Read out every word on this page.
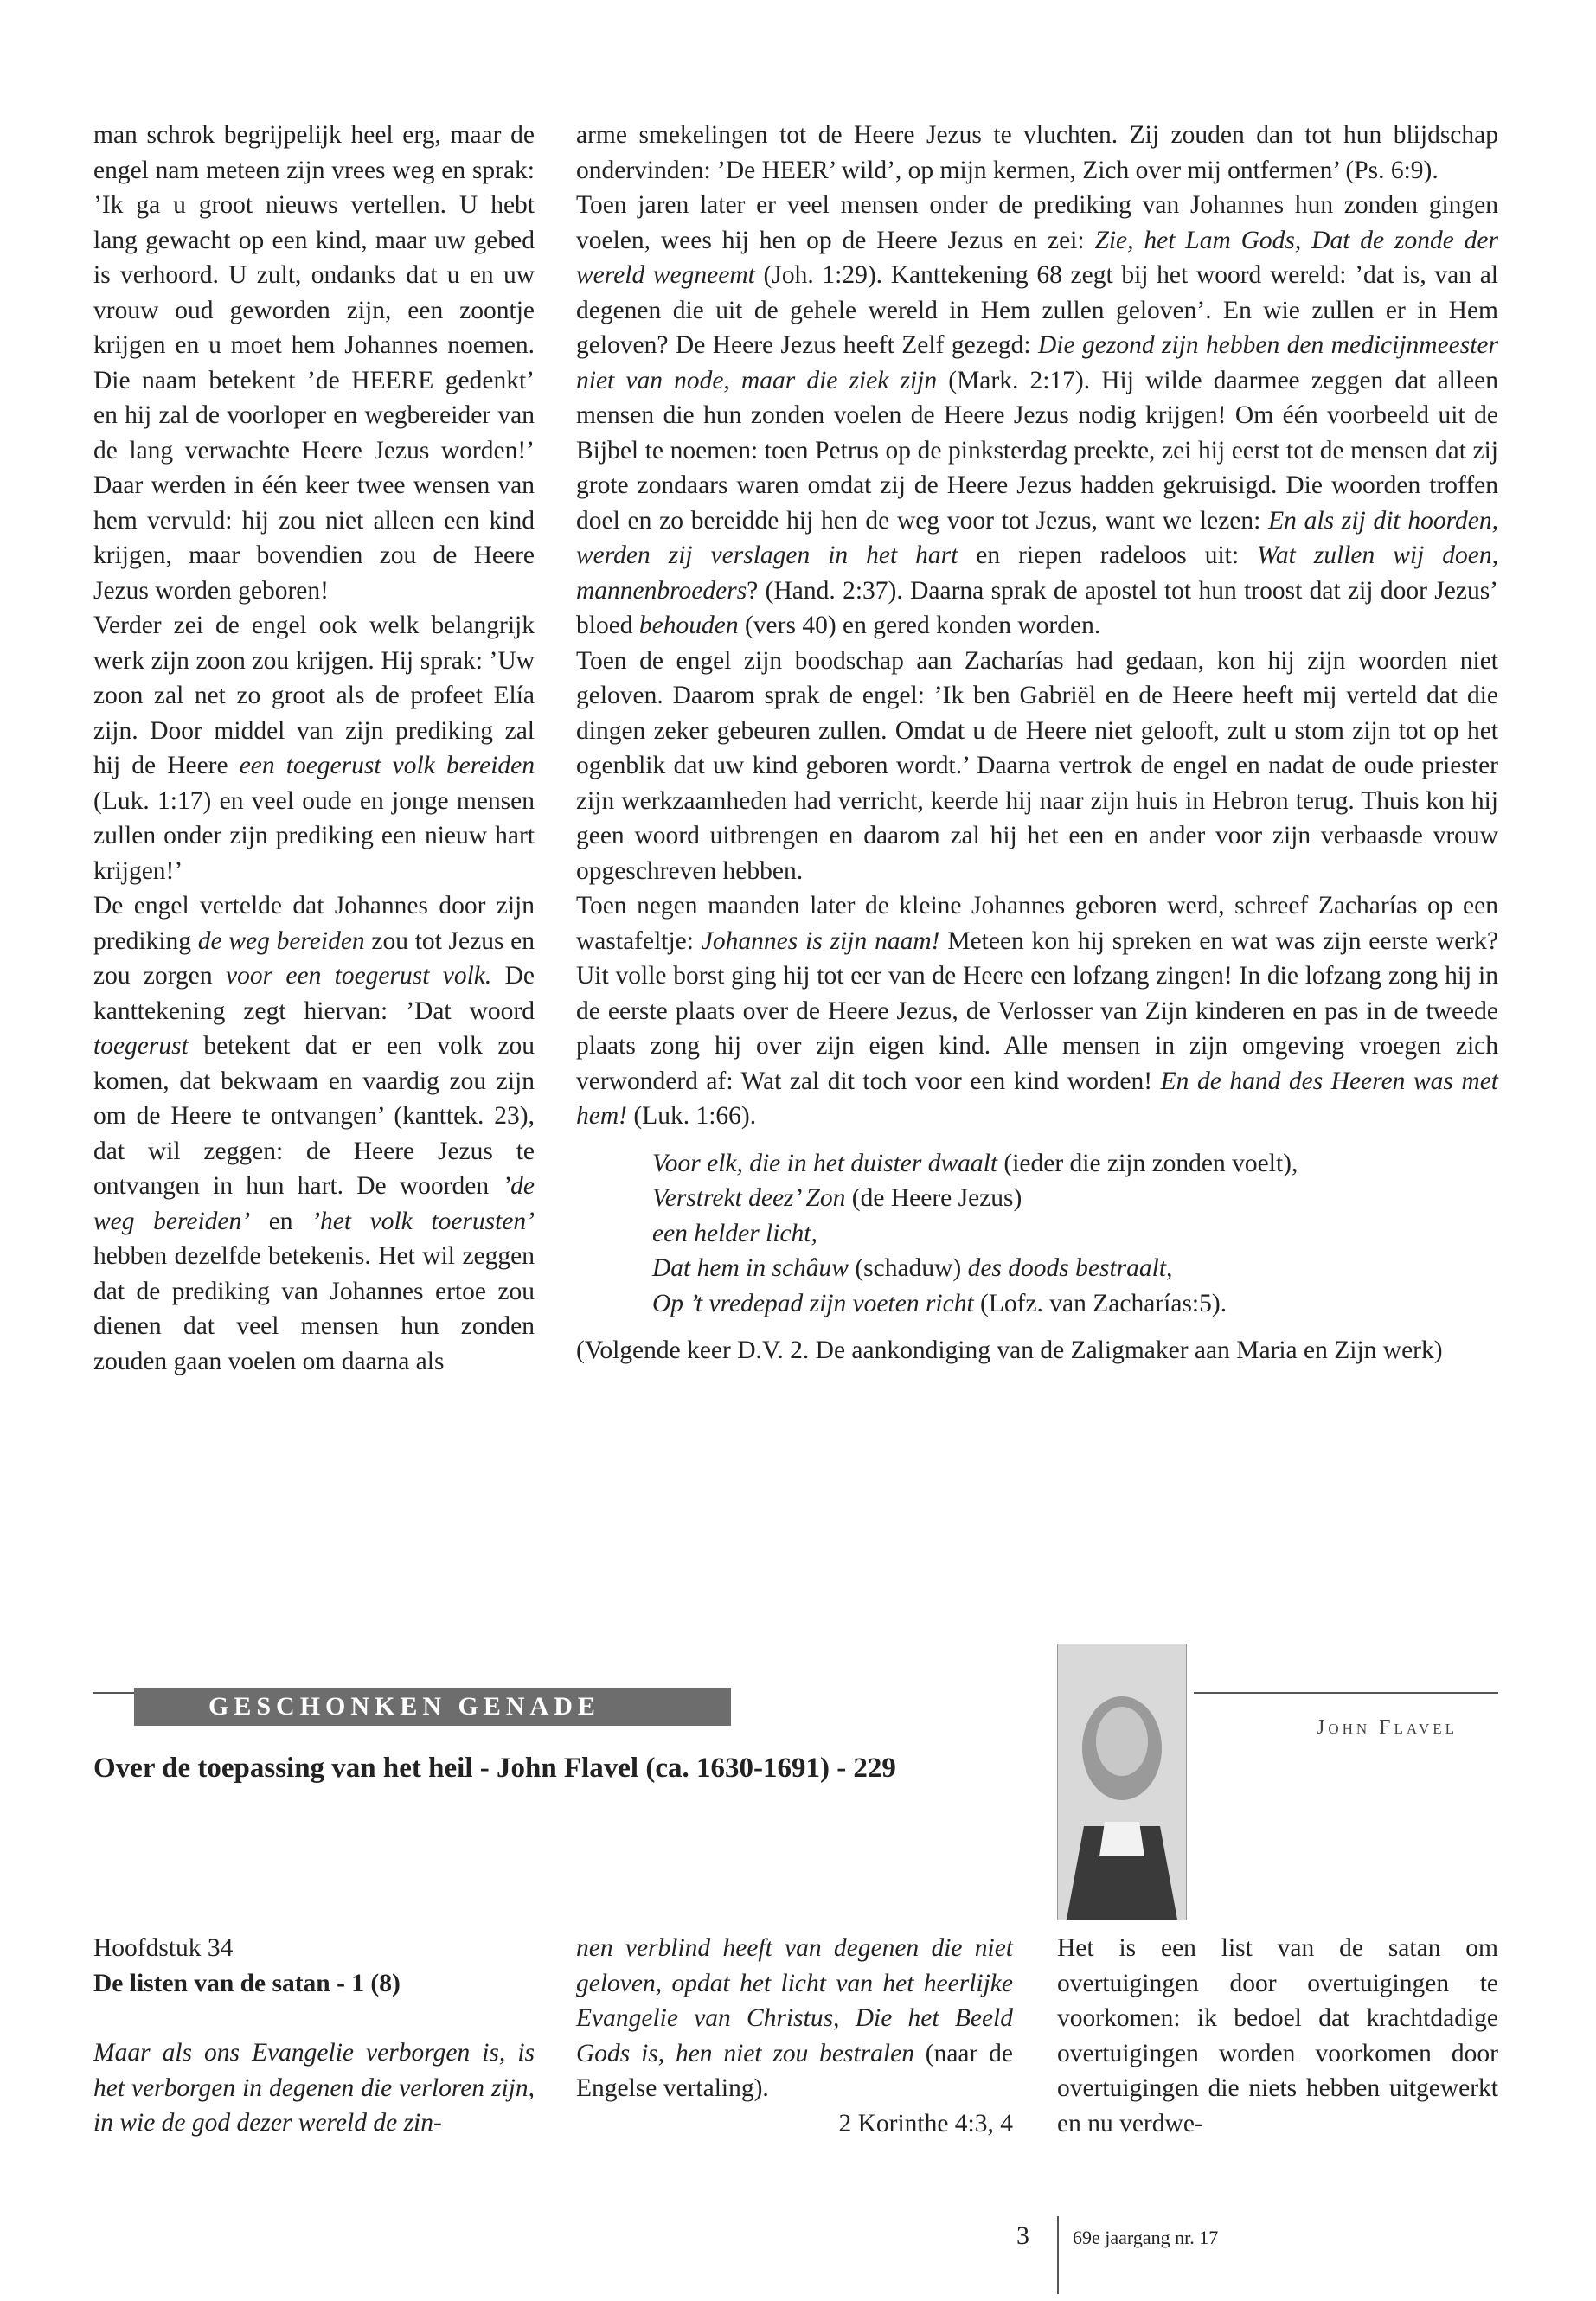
man schrok begrijpelijk heel erg, maar de engel nam meteen zijn vrees weg en sprak: ’Ik ga u groot nieuws vertellen. U hebt lang gewacht op een kind, maar uw gebed is verhoord. U zult, ondanks dat u en uw vrouw oud geworden zijn, een zoontje krijgen en u moet hem Johannes noemen. Die naam betekent ’de HEERE gedenkt’ en hij zal de voorloper en wegbereider van de lang verwachte Heere Jezus worden!’ Daar werden in één keer twee wensen van hem vervuld: hij zou niet alleen een kind krijgen, maar bovendien zou de Heere Jezus worden geboren!

Verder zei de engel ook welk belangrijk werk zijn zoon zou krijgen. Hij sprak: ’Uw zoon zal net zo groot als de profeet Elía zijn. Door middel van zijn prediking zal hij de Heere een toegerust volk bereiden (Luk. 1:17) en veel oude en jonge mensen zullen onder zijn prediking een nieuw hart krijgen!’

De engel vertelde dat Johannes door zijn prediking de weg bereiden zou tot Jezus en zou zorgen voor een toegerust volk. De kanttekening zegt hiervan: ’Dat woord toegerust betekent dat er een volk zou komen, dat bekwaam en vaardig zou zijn om de Heere te ontvangen’ (kanttek. 23), dat wil zeggen: de Heere Jezus te ontvangen in hun hart. De woorden ’de weg bereiden’ en ’het volk toerusten’ hebben dezelfde betekenis. Het wil zeggen dat de prediking van Johannes ertoe zou dienen dat veel mensen hun zonden zouden gaan voelen om daarna als

arme smekelingen tot de Heere Jezus te vluchten. Zij zouden dan tot hun blijdschap ondervinden: ’De HEER’ wild’, op mijn kermen, Zich over mij ontfermen’ (Ps. 6:9).

Toen jaren later er veel mensen onder de prediking van Johannes hun zonden gingen voelen, wees hij hen op de Heere Jezus en zei: Zie, het Lam Gods, Dat de zonde der wereld wegneemt (Joh. 1:29). Kanttekening 68 zegt bij het woord wereld: ’dat is, van al degenen die uit de gehele wereld in Hem zullen geloven’. En wie zullen er in Hem geloven? De Heere Jezus heeft Zelf gezegd: Die gezond zijn hebben den medicijnmeester niet van node, maar die ziek zijn (Mark. 2:17). Hij wilde daarmee zeggen dat alleen mensen die hun zonden voelen de Heere Jezus nodig krijgen! Om één voorbeeld uit de Bijbel te noemen: toen Petrus op de pinksterdag preekte, zei hij eerst tot de mensen dat zij grote zondaars waren omdat zij de Heere Jezus hadden gekruisigd. Die woorden troffen doel en zo bereidde hij hen de weg voor tot Jezus, want we lezen: En als zij dit hoorden, werden zij verslagen in het hart en riepen radeloos uit: Wat zullen wij doen, mannenbroeders? (Hand. 2:37). Daarna sprak de apostel tot hun troost dat zij door Jezus’ bloed behouden (vers 40) en gered konden worden.

Toen de engel zijn boodschap aan Zacharías had gedaan, kon hij zijn woorden niet geloven. Daarom sprak de engel: ’Ik ben Gabriël en de Heere heeft mij verteld dat die dingen zeker gebeuren zullen. Omdat u de Heere niet gelooft, zult u stom zijn tot op het ogenblik dat uw kind geboren wordt.’ Daarna vertrok de engel en nadat de oude priester zijn werkzaamheden had verricht, keerde hij naar zijn huis in Hebron terug. Thuis kon hij geen woord uitbrengen en daarom zal hij het een en ander voor zijn verbaasde vrouw opgeschreven hebben.

Toen negen maanden later de kleine Johannes geboren werd, schreef Zacharías op een wastafeltje: Johannes is zijn naam! Meteen kon hij spreken en wat was zijn eerste werk? Uit volle borst ging hij tot eer van de Heere een lofzang zingen! In die lofzang zong hij in de eerste plaats over de Heere Jezus, de Verlosser van Zijn kinderen en pas in de tweede plaats zong hij over zijn eigen kind. Alle mensen in zijn omgeving vroegen zich verwonderd af: Wat zal dit toch voor een kind worden! En de hand des Heeren was met hem! (Luk. 1:66).

Voor elk, die in het duister dwaalt (ieder die zijn zonden voelt),
Verstrekt deez’ Zon (de Heere Jezus)
een helder licht,
Dat hem in schâuw (schaduw) des doods bestraalt,
Op ’t vredepad zijn voeten richt (Lofz. van Zacharías:5).

(Volgende keer D.V. 2. De aankondiging van de Zaligmaker aan Maria en Zijn werk)

GESCHONKEN GENADE
John Flavel
Over de toepassing van het heil - John Flavel (ca. 1630-1691) - 229

Hoofdstuk 34

De listen van de satan - 1 (8)

Maar als ons Evangelie verborgen is, is het verborgen in degenen die verloren zijn, in wie de god dezer wereld de zin-

nen verblind heeft van degenen die niet geloven, opdat het licht van het heerlijke Evangelie van Christus, Die het Beeld Gods is, hen niet zou bestralen (naar de Engelse vertaling).

2 Korinthe 4:3, 4

Het is een list van de satan om overtuigingen door overtuigingen te voorkomen: ik bedoel dat krachtdadige overtuigingen worden voorkomen door overtuigingen die niets hebben uitgewerkt en nu verdwe-

3 69e jaargang nr. 17
